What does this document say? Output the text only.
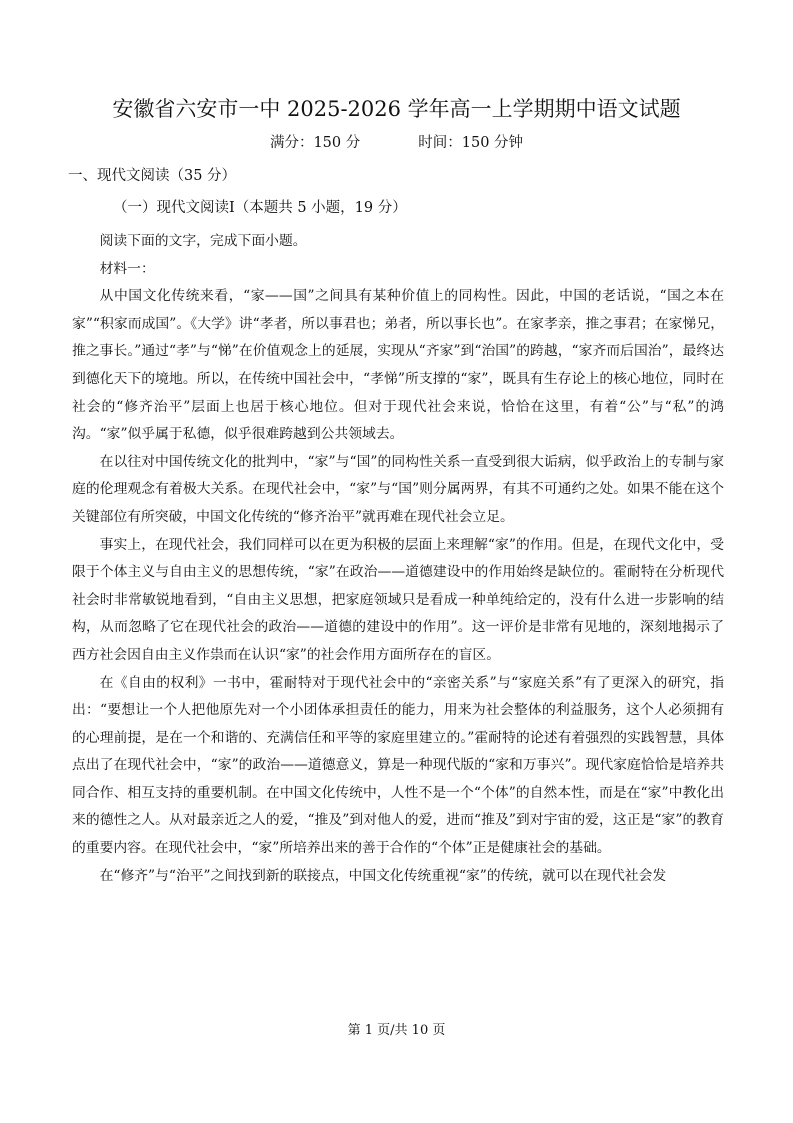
安徽省六安市一中 2025-2026 学年高一上学期期中语文试题
满分：150 分	时间：150 分钟
一、现代文阅读（35 分）
（一）现代文阅读Ⅰ（本题共 5 小题，19 分）

阅读下面的文字，完成下面小题。

材料一：

从中国文化传统来看，“家——国”之间具有某种价值上的同构性。因此，中国的老话说，“国之本在家”“积家而成国”。《大学》讲“孝者，所以事君也；弟者，所以事长也”。在家孝亲，推之事君；在家悌兄，推之事长。”通过“孝”与“悌”在价值观念上的延展，实现从“齐家”到“治国”的跨越，“家齐而后国治”，最终达到德化天下的境地。所以，在传统中国社会中，“孝悌”所支撑的“家”，既具有生存论上的核心地位，同时在社会的“修齐治平”层面上也居于核心地位。但对于现代社会来说，恰恰在这里，有着“公”与“私”的鸿沟。“家”似乎属于私德，似乎很难跨越到公共领域去。

在以往对中国传统文化的批判中，“家”与“国”的同构性关系一直受到很大诟病，似乎政治上的专制与家庭的伦理观念有着极大关系。在现代社会中，“家”与“国”则分属两界，有其不可通约之处。如果不能在这个关键部位有所突破，中国文化传统的“修齐治平”就再难在现代社会立足。

事实上，在现代社会，我们同样可以在更为积极的层面上来理解“家”的作用。但是，在现代文化中，受限于个体主义与自由主义的思想传统，“家”在政治——道德建设中的作用始终是缺位的。霍耐特在分析现代社会时非常敏锐地看到，“自由主义思想，把家庭领域只是看成一种单纯给定的，没有什么进一步影响的结构，从而忽略了它在现代社会的政治——道德的建设中的作用”。这一评价是非常有见地的，深刻地揭示了西方社会因自由主义作祟而在认识“家”的社会作用方面所存在的盲区。

在《自由的权利》一书中，霍耐特对于现代社会中的“亲密关系”与“家庭关系”有了更深入的研究，指出：“要想让一个人把他原先对一个小团体承担责任的能力，用来为社会整体的利益服务，这个人必须拥有的心理前提，是在一个和谐的、充满信任和平等的家庭里建立的。”霍耐特的论述有着强烈的实践智慧，具体点出了在现代社会中，“家”的政治——道德意义，算是一种现代版的“家和万事兴”。现代家庭恰恰是培养共同合作、相互支持的重要机制。在中国文化传统中，人性不是一个“个体”的自然本性，而是在“家”中教化出来的德性之人。从对最亲近之人的爱，“推及”到对他人的爱，进而“推及”到对宇宙的爱，这正是“家”的教育的重要内容。在现代社会中，“家”所培养出来的善于合作的“个体”正是健康社会的基础。

在“修齐”与“治平”之间找到新的联接点，中国文化传统重视“家”的传统，就可以在现代社会发

第 1 页/共 10 页
